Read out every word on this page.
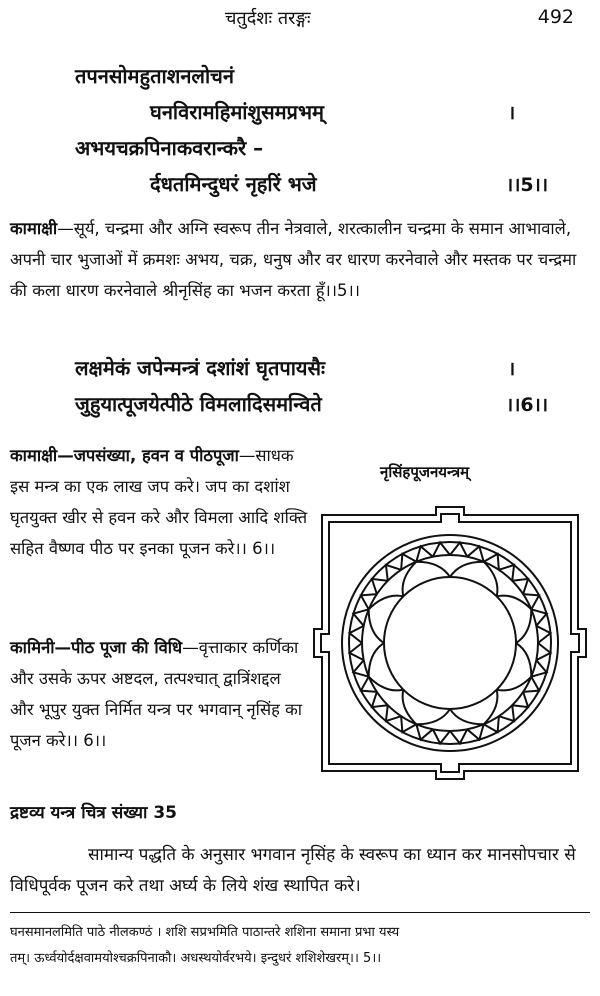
चतुर्दशः तरङ्गः	492
तपनसोमहुताशनलोचनं
घनविरामहिमांशुसमप्रभम्	।
अभयचक्रपिनाकवरान्करै –
र्दधतमिन्दुधरं नृहरिं भजे	।।5।।
कामाक्षी—सूर्य, चन्द्रमा और अग्नि स्वरूप तीन नेत्रवाले, शरत्कालीन चन्द्रमा के समान आभावाले, अपनी चार भुजाओं में क्रमशः अभय, चक्र, धनुष और वर धारण करनेवाले और मस्तक पर चन्द्रमा की कला धारण करनेवाले श्रीनृसिंह का भजन करता हूँ।।5।।
लक्षमेकं जपेन्मन्त्रं दशांशं घृतपायसैः	।
जुहुयात्पूजयेत्पीठे विमलादिसमन्विते	।।6।।
कामाक्षी—जपसंख्या, हवन व पीठपूजा—साधक इस मन्त्र का एक लाख जप करे। जप का दशांश घृतयुक्त खीर से हवन करे और विमला आदि शक्ति सहित वैष्णव पीठ पर इनका पूजन करे।। 6।।
कामिनी—पीठ पूजा की विधि—वृत्ताकार कर्णिका और उसके ऊपर अष्टदल, तत्पश्चात् द्वात्रिंशद्दल और भूपुर युक्त निर्मित यन्त्र पर भगवान् नृसिंह का पूजन करे।। 6।।
द्रष्टव्य यन्त्र चित्र संख्या 35
नृसिंहपूजनयन्त्रम्
सामान्य पद्धति के अनुसार भगवान नृसिंह के स्वरूप का ध्यान कर मानसोपचार से विधिपूर्वक पूजन करे तथा अर्घ्य के लिये शंख स्थापित करे।
घनसमानलमिति पाठे नीलकण्ठं । शशि सप्रभमिति पाठान्तरे शशिना समाना प्रभा यस्य
तम्। ऊर्ध्वयोर्दक्षवामयोश्चक्रपिनाकौ। अधस्थयोर्वरभये। इन्दुधरं शशिशेखरम्।। 5।।
